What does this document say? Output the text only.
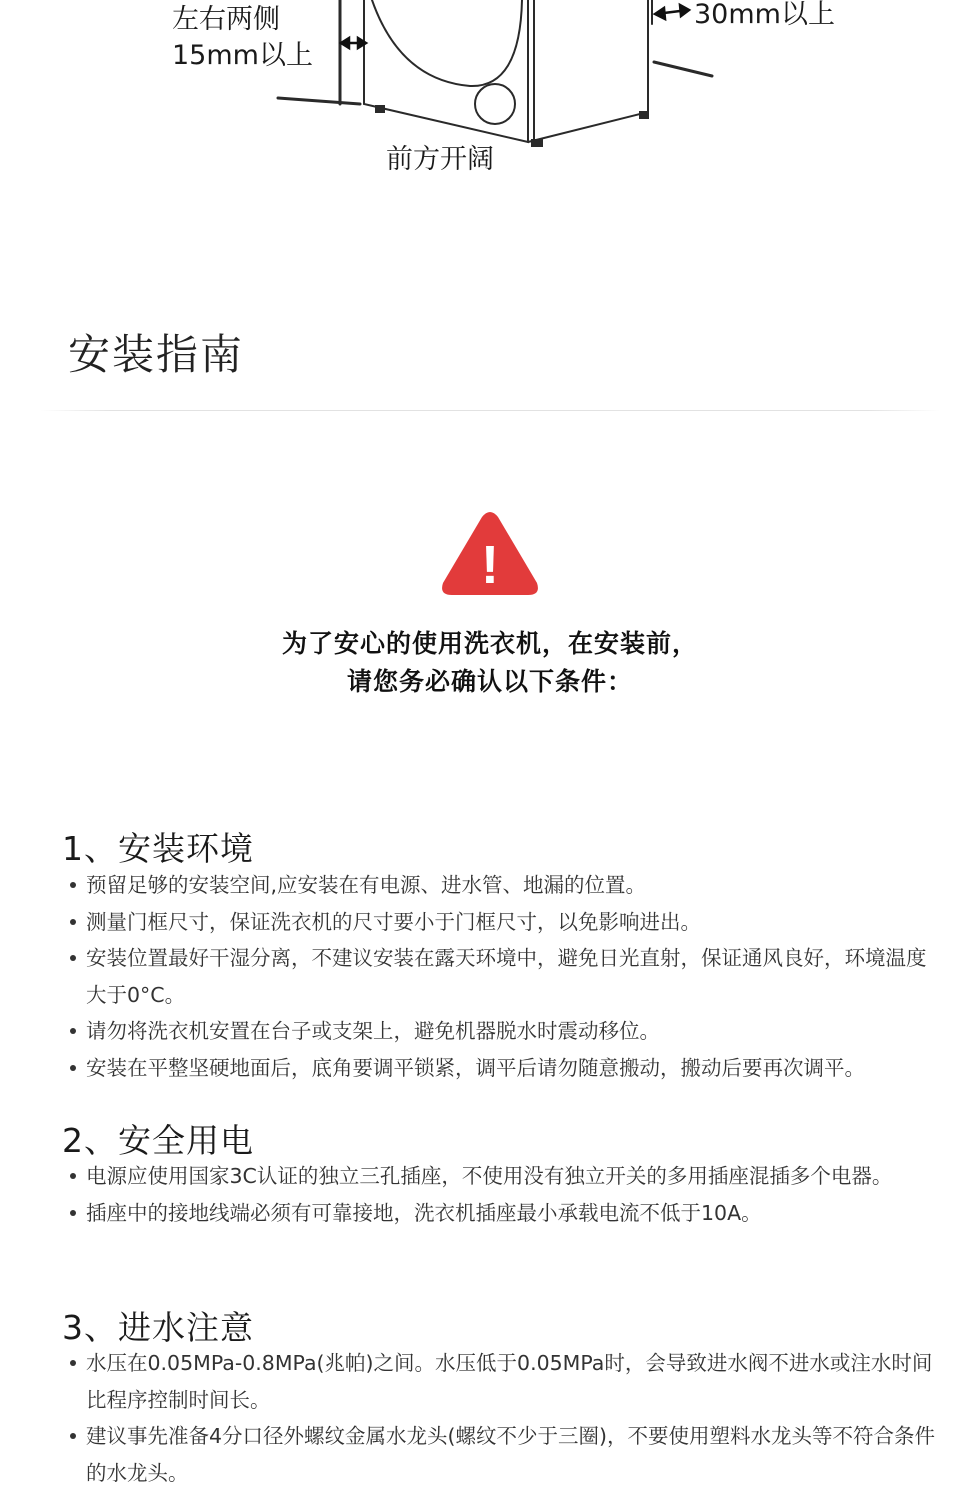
左右两侧
15mm以上
30mm以上
前方开阔
安装指南
!

为了安心的使用洗衣机，在安装前，

请您务必确认以下条件：

1、安装环境
预留足够的安装空间,应安装在有电源、进水管、地漏的位置。
测量门框尺寸，保证洗衣机的尺寸要小于门框尺寸，以免影响进出。
安装位置最好干湿分离，不建议安装在露天环境中，避免日光直射，保证通风良好，环境温度大于0°C。
请勿将洗衣机安置在台子或支架上，避免机器脱水时震动移位。
安装在平整坚硬地面后，底角要调平锁紧，调平后请勿随意搬动，搬动后要再次调平。
2、安全用电
电源应使用国家3C认证的独立三孔插座，不使用没有独立开关的多用插座混插多个电器。
插座中的接地线端必须有可靠接地，洗衣机插座最小承载电流不低于10A。
3、进水注意
水压在0.05MPa-0.8MPa(兆帕)之间。水压低于0.05MPa时，会导致进水阀不进水或注水时间比程序控制时间长。
建议事先准备4分口径外螺纹金属水龙头(螺纹不少于三圈)，不要使用塑料水龙头等不符合条件的水龙头。
